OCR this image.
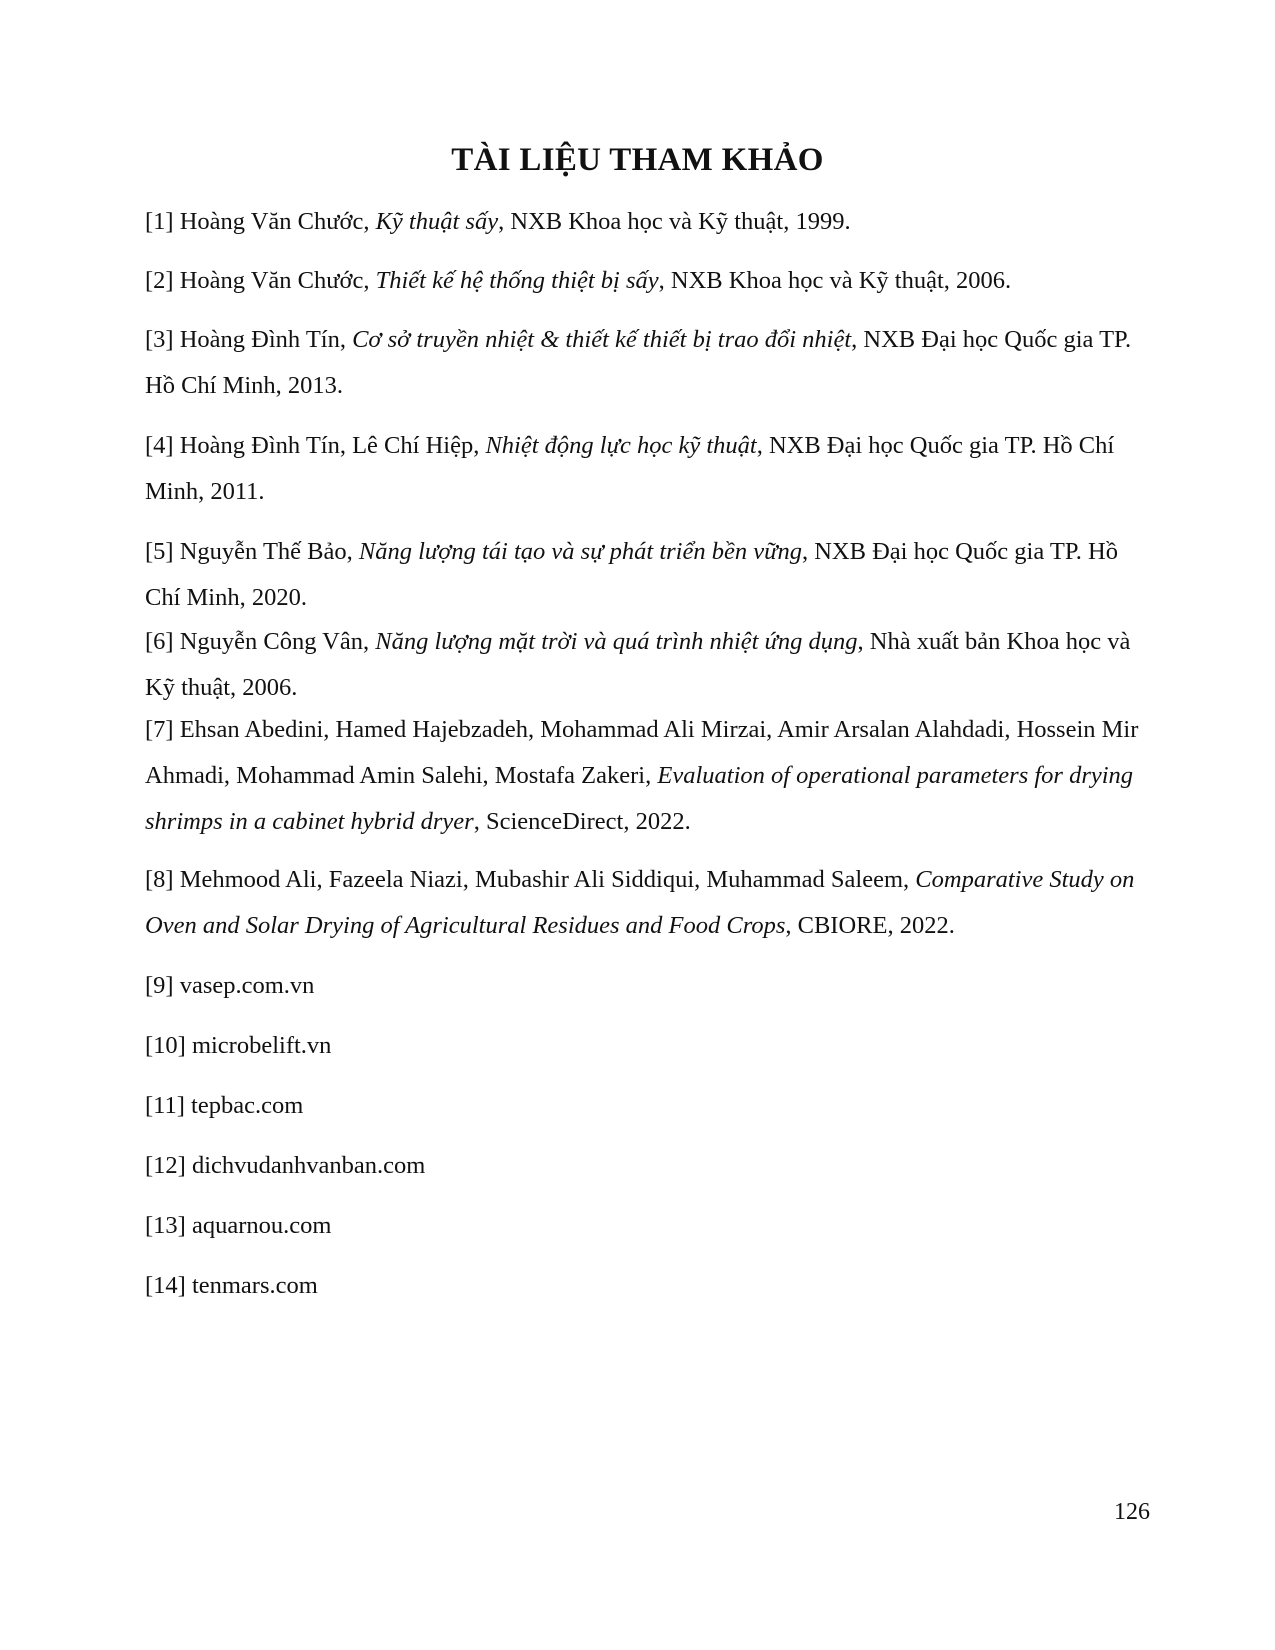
TÀI LIỆU THAM KHẢO

[1] Hoàng Văn Chước, Kỹ thuật sấy, NXB Khoa học và Kỹ thuật, 1999.

[2] Hoàng Văn Chước, Thiết kế hệ thống thiệt bị sấy, NXB Khoa học và Kỹ thuật, 2006.

[3] Hoàng Đình Tín, Cơ sở truyền nhiệt & thiết kế thiết bị trao đổi nhiệt, NXB Đại học Quốc gia TP. Hồ Chí Minh, 2013.

[4] Hoàng Đình Tín, Lê Chí Hiệp, Nhiệt động lực học kỹ thuật, NXB Đại học Quốc gia TP. Hồ Chí Minh, 2011.

[5] Nguyễn Thế Bảo, Năng lượng tái tạo và sự phát triển bền vững, NXB Đại học Quốc gia TP. Hồ Chí Minh, 2020.

[6] Nguyễn Công Vân, Năng lượng mặt trời và quá trình nhiệt ứng dụng, Nhà xuất bản Khoa học và Kỹ thuật, 2006.

[7] Ehsan Abedini, Hamed Hajebzadeh, Mohammad Ali Mirzai, Amir Arsalan Alahdadi, Hossein Mir Ahmadi, Mohammad Amin Salehi, Mostafa Zakeri, Evaluation of operational parameters for drying shrimps in a cabinet hybrid dryer, ScienceDirect, 2022.

[8] Mehmood Ali, Fazeela Niazi, Mubashir Ali Siddiqui, Muhammad Saleem, Comparative Study on Oven and Solar Drying of Agricultural Residues and Food Crops, CBIORE, 2022.

[9] vasep.com.vn

[10] microbelift.vn

[11] tepbac.com

[12] dichvudanhvanban.com

[13] aquarnou.com

[14] tenmars.com

126
